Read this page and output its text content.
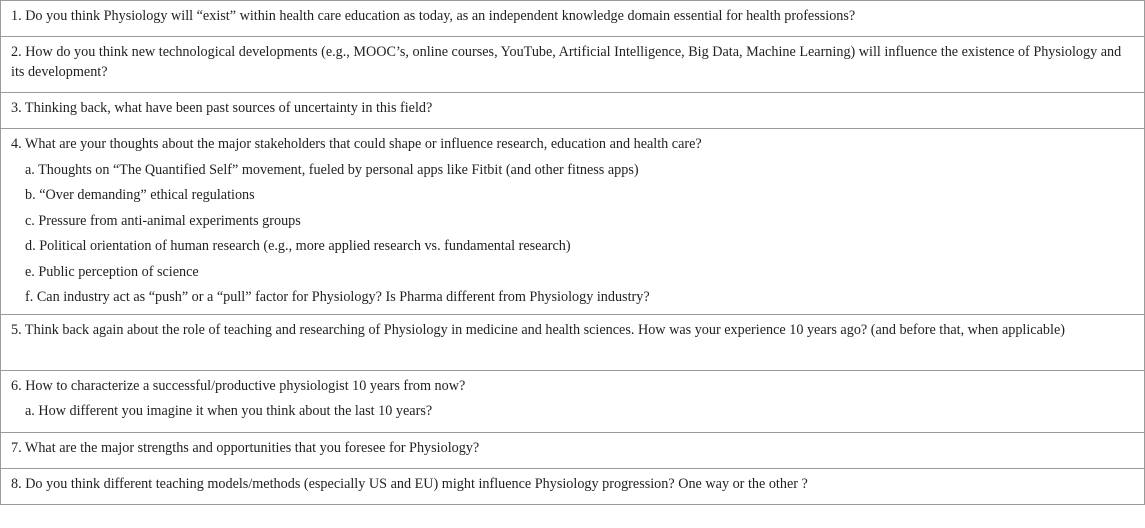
1. Do you think Physiology will “exist” within health care education as today, as an independent knowledge domain essential for health professions?

2. How do you think new technological developments (e.g., MOOC’s, online courses, YouTube, Artificial Intelligence, Big Data, Machine Learning) will influence the existence of Physiology and its development?

3. Thinking back, what have been past sources of uncertainty in this field?

4. What are your thoughts about the major stakeholders that could shape or influence research, education and health care?

a. Thoughts on “The Quantified Self” movement, fueled by personal apps like Fitbit (and other fitness apps)

b. “Over demanding” ethical regulations

c. Pressure from anti-animal experiments groups

d. Political orientation of human research (e.g., more applied research vs. fundamental research)

e. Public perception of science

f. Can industry act as “push” or a “pull” factor for Physiology? Is Pharma different from Physiology industry?

5. Think back again about the role of teaching and researching of Physiology in medicine and health sciences. How was your experience 10 years ago? (and before that, when applicable)

6. How to characterize a successful/productive physiologist 10 years from now?

a. How different you imagine it when you think about the last 10 years?

7. What are the major strengths and opportunities that you foresee for Physiology?

8. Do you think different teaching models/methods (especially US and EU) might influence Physiology progression? One way or the other ?
